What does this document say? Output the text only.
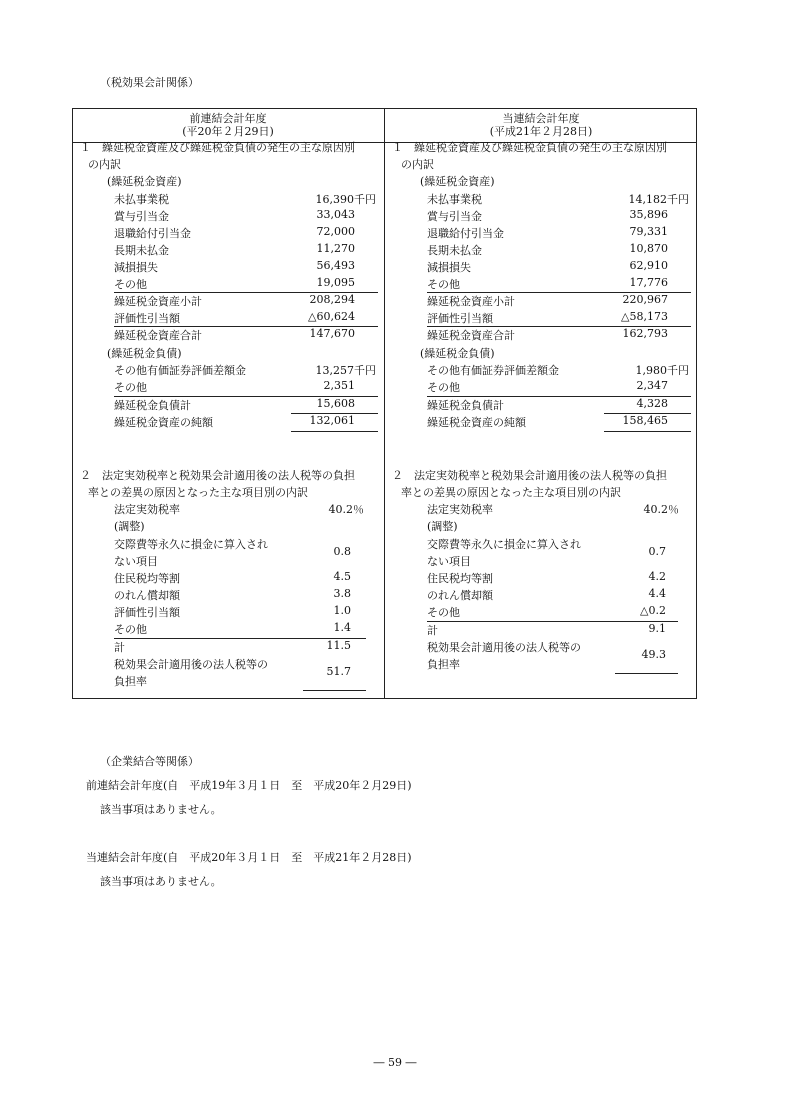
（税効果会計関係）
前連結会計年度
(平20年２月29日)
当連結会計年度
(平成21年２月28日)
１　繰延税金資産及び繰延税金負債の発生の主な原因別
の内訳
(繰延税金資産)
未払事業税	16,390千円
賞与引当金	33,043
退職給付引当金	72,000
長期未払金	11,270
減損損失	56,493
その他	19,095
繰延税金資産小計	208,294
評価性引当額	△60,624
繰延税金資産合計	147,670
(繰延税金負債)
その他有価証券評価差額金	13,257千円
その他	2,351
繰延税金負債計	15,608
繰延税金資産の純額	132,061
２　法定実効税率と税効果会計適用後の法人税等の負担
率との差異の原因となった主な項目別の内訳
法定実効税率	40.2％
(調整)
交際費等永久に損金に算入され
ない項目
0.8
住民税均等割	4.5
のれん償却額	3.8
評価性引当額	1.0
その他	1.4
計	11.5
税効果会計適用後の法人税等の
負担率
51.7
１　繰延税金資産及び繰延税金負債の発生の主な原因別
の内訳
(繰延税金資産)
未払事業税	14,182千円
賞与引当金	35,896
退職給付引当金	79,331
長期未払金	10,870
減損損失	62,910
その他	17,776
繰延税金資産小計	220,967
評価性引当額	△58,173
繰延税金資産合計	162,793
(繰延税金負債)
その他有価証券評価差額金	1,980千円
その他	2,347
繰延税金負債計	4,328
繰延税金資産の純額	158,465
２　法定実効税率と税効果会計適用後の法人税等の負担
率との差異の原因となった主な項目別の内訳
法定実効税率	40.2％
(調整)
交際費等永久に損金に算入され
ない項目
0.7
住民税均等割	4.2
のれん償却額	4.4
その他	△0.2
計	9.1
税効果会計適用後の法人税等の
負担率
49.3
（企業結合等関係）
前連結会計年度(自　平成19年３月１日　至　平成20年２月29日)
該当事項はありません。
当連結会計年度(自　平成20年３月１日　至　平成21年２月28日)
該当事項はありません。
― 59 ―
